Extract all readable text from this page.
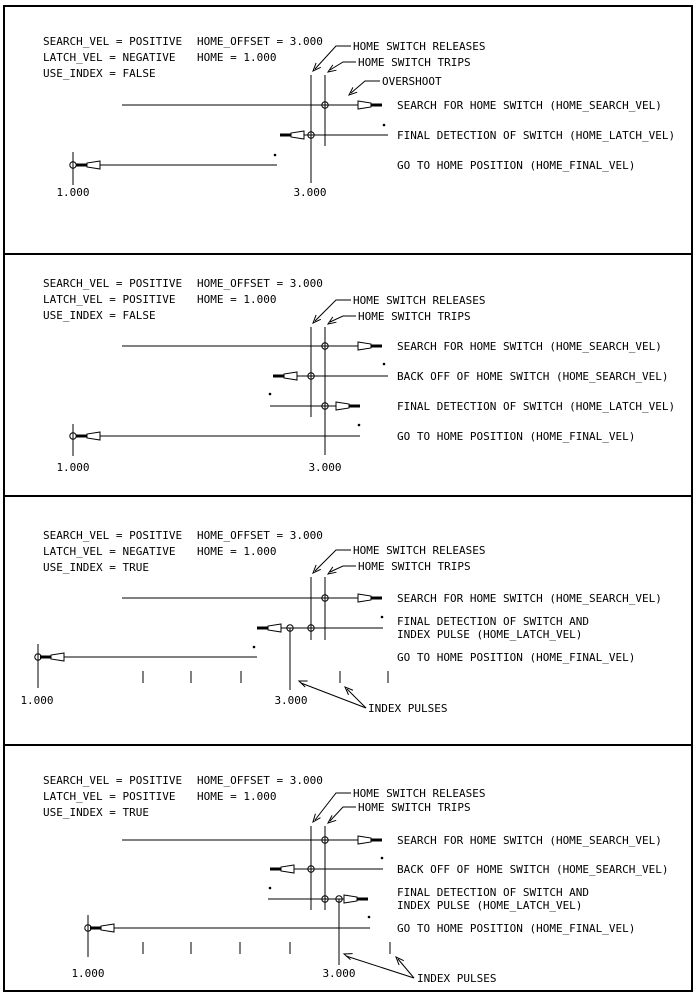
SEARCH_VEL = POSITIVE HOME_OFFSET = 3.000
LATCH_VEL = NEGATIVE HOME = 1.000
USE_INDEX = FALSE
HOME SWITCH RELEASES
HOME SWITCH TRIPS
OVERSHOOT
SEARCH FOR HOME SWITCH (HOME_SEARCH_VEL)
FINAL DETECTION OF SWITCH (HOME_LATCH_VEL)
GO TO HOME POSITION (HOME_FINAL_VEL)
1.000	3.000
SEARCH_VEL = POSITIVE HOME_OFFSET = 3.000
LATCH_VEL = POSITIVE HOME = 1.000
USE_INDEX = FALSE
HOME SWITCH RELEASES
HOME SWITCH TRIPS
SEARCH FOR HOME SWITCH (HOME_SEARCH_VEL)
BACK OFF OF HOME SWITCH (HOME_SEARCH_VEL)
FINAL DETECTION OF SWITCH (HOME_LATCH_VEL)
GO TO HOME POSITION (HOME_FINAL_VEL)
1.000	3.000
SEARCH_VEL = POSITIVE HOME_OFFSET = 3.000
LATCH_VEL = NEGATIVE HOME = 1.000
USE_INDEX = TRUE
HOME SWITCH RELEASES
HOME SWITCH TRIPS
SEARCH FOR HOME SWITCH (HOME_SEARCH_VEL)
FINAL DETECTION OF SWITCH AND
INDEX PULSE (HOME_LATCH_VEL)
GO TO HOME POSITION (HOME_FINAL_VEL)
INDEX PULSES
1.000	3.000
SEARCH_VEL = POSITIVE HOME_OFFSET = 3.000
LATCH_VEL = POSITIVE HOME = 1.000
USE_INDEX = TRUE
HOME SWITCH RELEASES
HOME SWITCH TRIPS
SEARCH FOR HOME SWITCH (HOME_SEARCH_VEL)
BACK OFF OF HOME SWITCH (HOME_SEARCH_VEL)
FINAL DETECTION OF SWITCH AND
INDEX PULSE (HOME_LATCH_VEL)
GO TO HOME POSITION (HOME_FINAL_VEL)
INDEX PULSES
1.000	3.000
